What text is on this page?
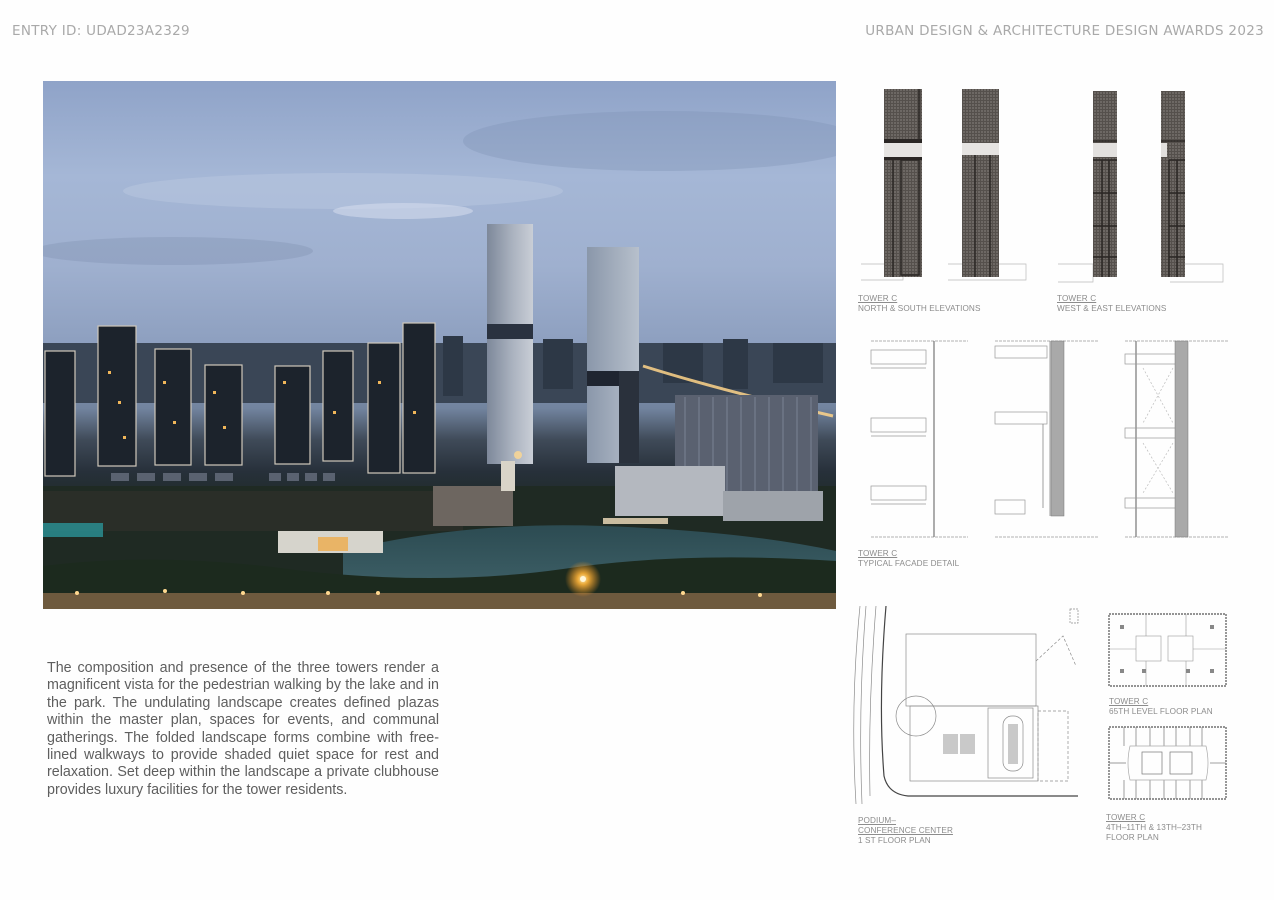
ENTRY ID: UDAD23A2329	URBAN DESIGN & ARCHITECTURE DESIGN AWARDS 2023

The composition and presence of the three towers render a magnificent vista for the pedestrian walking by the lake and in the park. The undulating landscape creates defined plazas within the master plan, spaces for events, and communal gatherings. The folded landscape forms combine with free-lined walkways to provide shaded quiet space for rest and relaxation. Set deep within the landscape a private clubhouse provides luxury facilities for the tower residents.

TOWER C
NORTH & SOUTH ELEVATIONS
TOWER C
WEST & EAST ELEVATIONS
TOWER C
TYPICAL FACADE DETAIL
PODIUM–
CONFERENCE CENTER
1 ST FLOOR PLAN
TOWER C
65TH LEVEL FLOOR PLAN
TOWER C
4TH–11TH & 13TH–23TH
FLOOR PLAN
